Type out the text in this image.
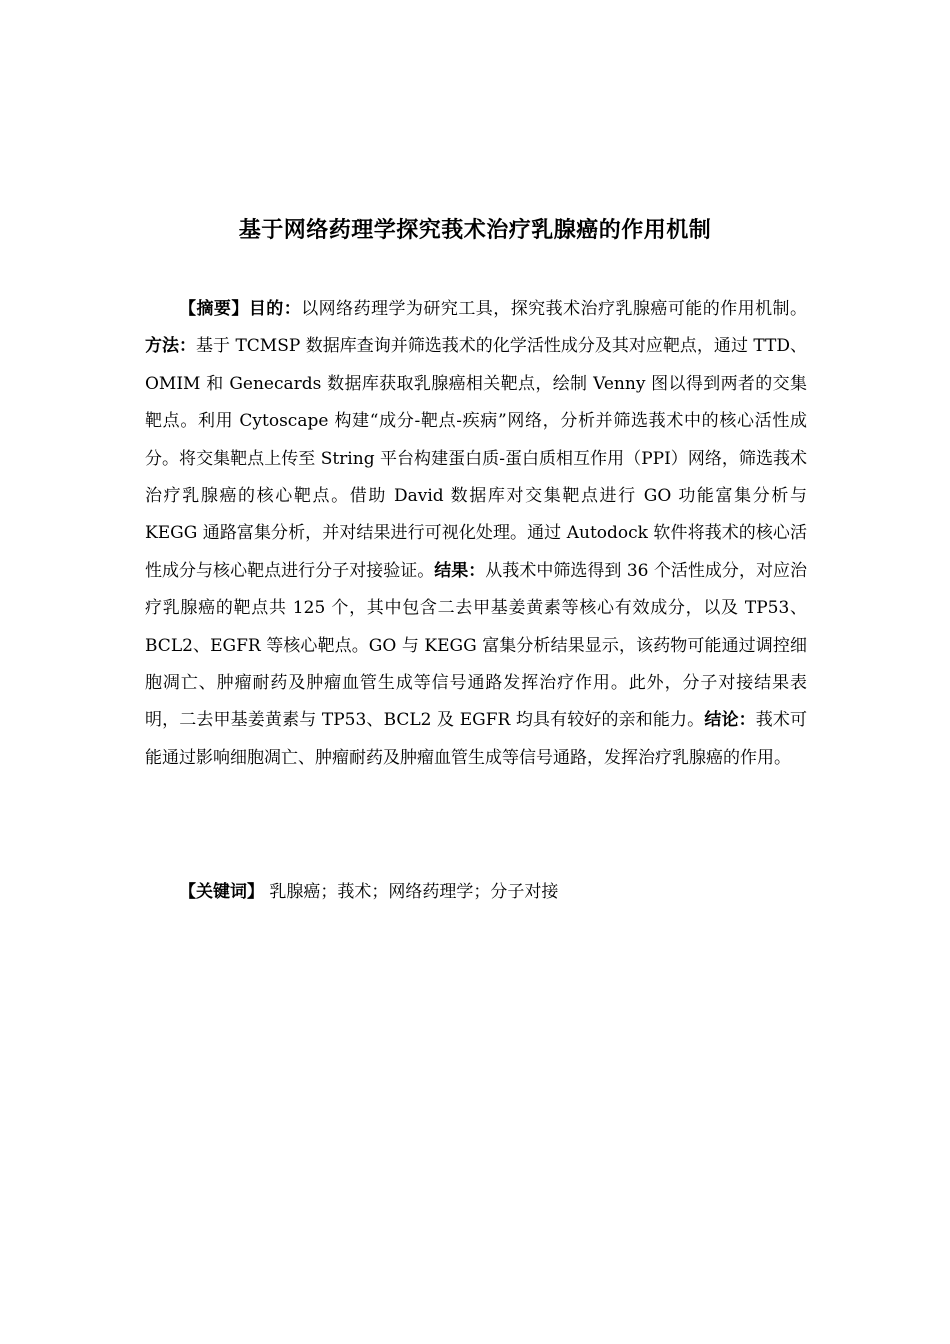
基于网络药理学探究莪术治疗乳腺癌的作用机制
【摘要】目的：以网络药理学为研究工具，探究莪术治疗乳腺癌可能的作用机制。方法：基于 TCMSP 数据库查询并筛选莪术的化学活性成分及其对应靶点，通过 TTD、OMIM 和 Genecards 数据库获取乳腺癌相关靶点，绘制 Venny 图以得到两者的交集靶点。利用 Cytoscape 构建“成分-靶点-疾病”网络，分析并筛选莪术中的核心活性成分。将交集靶点上传至 String 平台构建蛋白质-蛋白质相互作用（PPI）网络，筛选莪术治疗乳腺癌的核心靶点。借助 David 数据库对交集靶点进行 GO 功能富集分析与 KEGG 通路富集分析，并对结果进行可视化处理。通过 Autodock 软件将莪术的核心活性成分与核心靶点进行分子对接验证。结果：从莪术中筛选得到 36 个活性成分，对应治疗乳腺癌的靶点共 125 个，其中包含二去甲基姜黄素等核心有效成分，以及 TP53、BCL2、EGFR 等核心靶点。GO 与 KEGG 富集分析结果显示，该药物可能通过调控细胞凋亡、肿瘤耐药及肿瘤血管生成等信号通路发挥治疗作用。此外，分子对接结果表明，二去甲基姜黄素与 TP53、BCL2 及 EGFR 均具有较好的亲和能力。结论：莪术可能通过影响细胞凋亡、肿瘤耐药及肿瘤血管生成等信号通路，发挥治疗乳腺癌的作用。
【关键词】 乳腺癌；莪术；网络药理学；分子对接
